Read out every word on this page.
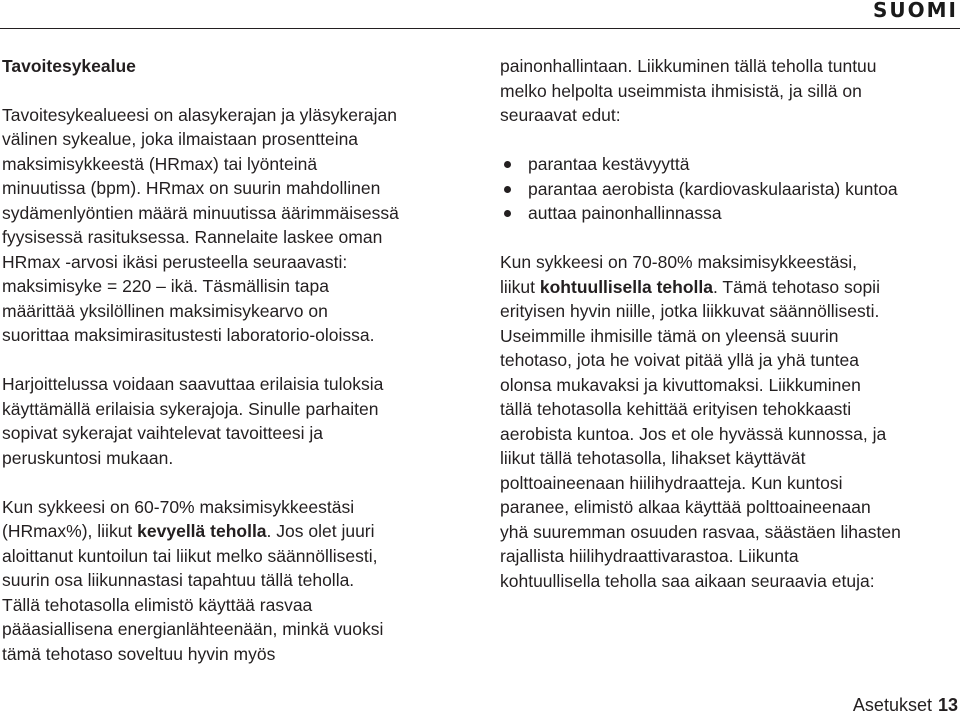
SUOMI
Tavoitesykealue

Tavoitesykealueesi on alasykerajan ja yläsykerajan
välinen sykealue, joka ilmaistaan prosentteina
maksimisykkeestä (HRmax) tai lyönteinä
minuutissa (bpm). HRmax on suurin mahdollinen
sydämenlyöntien määrä minuutissa äärimmäisessä
fyysisessä rasituksessa. Rannelaite laskee oman
HRmax -arvosi ikäsi perusteella seuraavasti:
maksimisyke = 220 – ikä. Täsmällisin tapa
määrittää yksilöllinen maksimisykearvo on
suorittaa maksimirasitustesti laboratorio-oloissa.

Harjoittelussa voidaan saavuttaa erilaisia tuloksia
käyttämällä erilaisia sykerajoja. Sinulle parhaiten
sopivat sykerajat vaihtelevat tavoitteesi ja
peruskuntosi mukaan.

Kun sykkeesi on 60-70% maksimisykkeestäsi
(HRmax%), liikut kevyellä teholla. Jos olet juuri
aloittanut kuntoilun tai liikut melko säännöllisesti,
suurin osa liikunnastasi tapahtuu tällä teholla.
Tällä tehotasolla elimistö käyttää rasvaa
pääasiallisena energianlähteenään, minkä vuoksi
tämä tehotaso soveltuu hyvin myös

painonhallintaan. Liikkuminen tällä teholla tuntuu
melko helpolta useimmista ihmisistä, ja sillä on
seuraavat edut:

parantaa kestävyyttä
parantaa aerobista (kardiovaskulaarista) kuntoa
auttaa painonhallinnassa

Kun sykkeesi on 70-80% maksimisykkeestäsi,
liikut kohtuullisella teholla. Tämä tehotaso sopii
erityisen hyvin niille, jotka liikkuvat säännöllisesti.
Useimmille ihmisille tämä on yleensä suurin
tehotaso, jota he voivat pitää yllä ja yhä tuntea
olonsa mukavaksi ja kivuttomaksi. Liikkuminen
tällä tehotasolla kehittää erityisen tehokkaasti
aerobista kuntoa. Jos et ole hyvässä kunnossa, ja
liikut tällä tehotasolla, lihakset käyttävät
polttoaineenaan hiilihydraatteja. Kun kuntosi
paranee, elimistö alkaa käyttää polttoaineenaan
yhä suuremman osuuden rasvaa, säästäen lihasten
rajallista hiilihydraattivarastoa. Liikunta
kohtuullisella teholla saa aikaan seuraavia etuja:

Asetukset 13
